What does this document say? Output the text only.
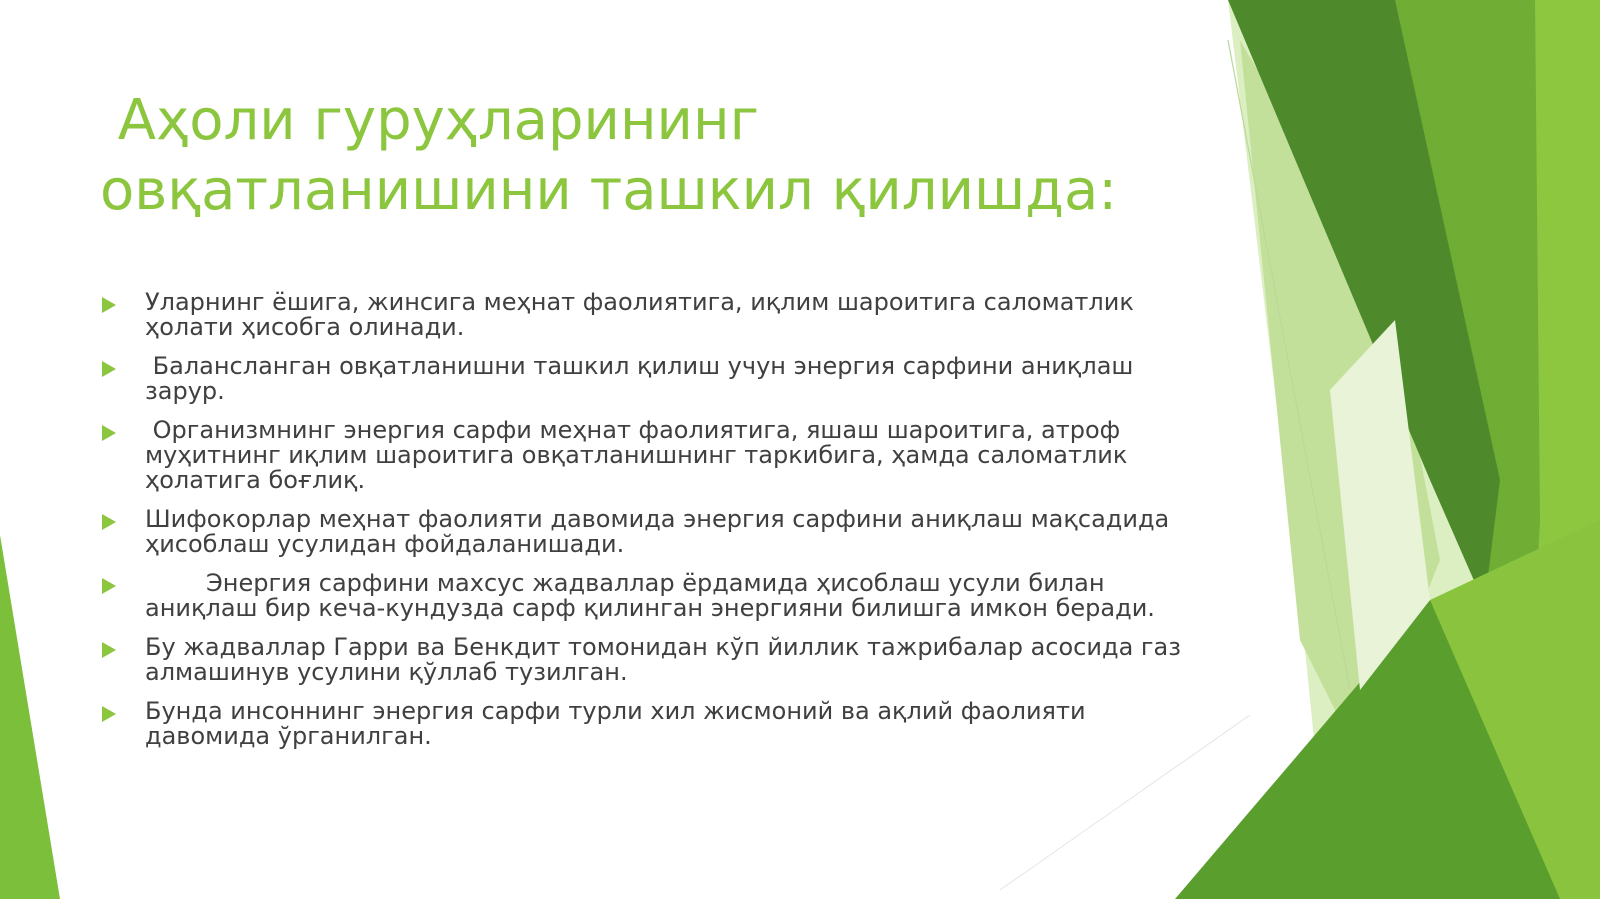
Аҳоли гуруҳларининг
овқатланишини ташкил қилишда:
Уларнинг ёшига, жинсига меҳнат фаолиятига, иқлим шароитига саломатлик
ҳолати ҳисобга олинади.
Балансланган овқатланишни ташкил қилиш учун энергия сарфини аниқлаш
зарур.
Организмнинг энергия сарфи меҳнат фаолиятига, яшаш шароитига, атроф
муҳитнинг иқлим шароитига овқатланишнинг таркибига, ҳамда саломатлик
ҳолатига боғлиқ.
Шифокорлар меҳнат фаолияти давомида энергия сарфини аниқлаш мақсадида
ҳисоблаш усулидан фойдаланишади.
Энергия сарфини махсус жадваллар ёрдамида ҳисоблаш усули билан
аниқлаш бир кеча-кундузда сарф қилинган энергияни билишга имкон беради.
Бу жадваллар Гарри ва Бенкдит томонидан кўп йиллик тажрибалар асосида газ
алмашинув усулини қўллаб тузилган.
Бунда инсоннинг энергия сарфи турли хил жисмоний ва ақлий фаолияти
давомида ўрганилган.
